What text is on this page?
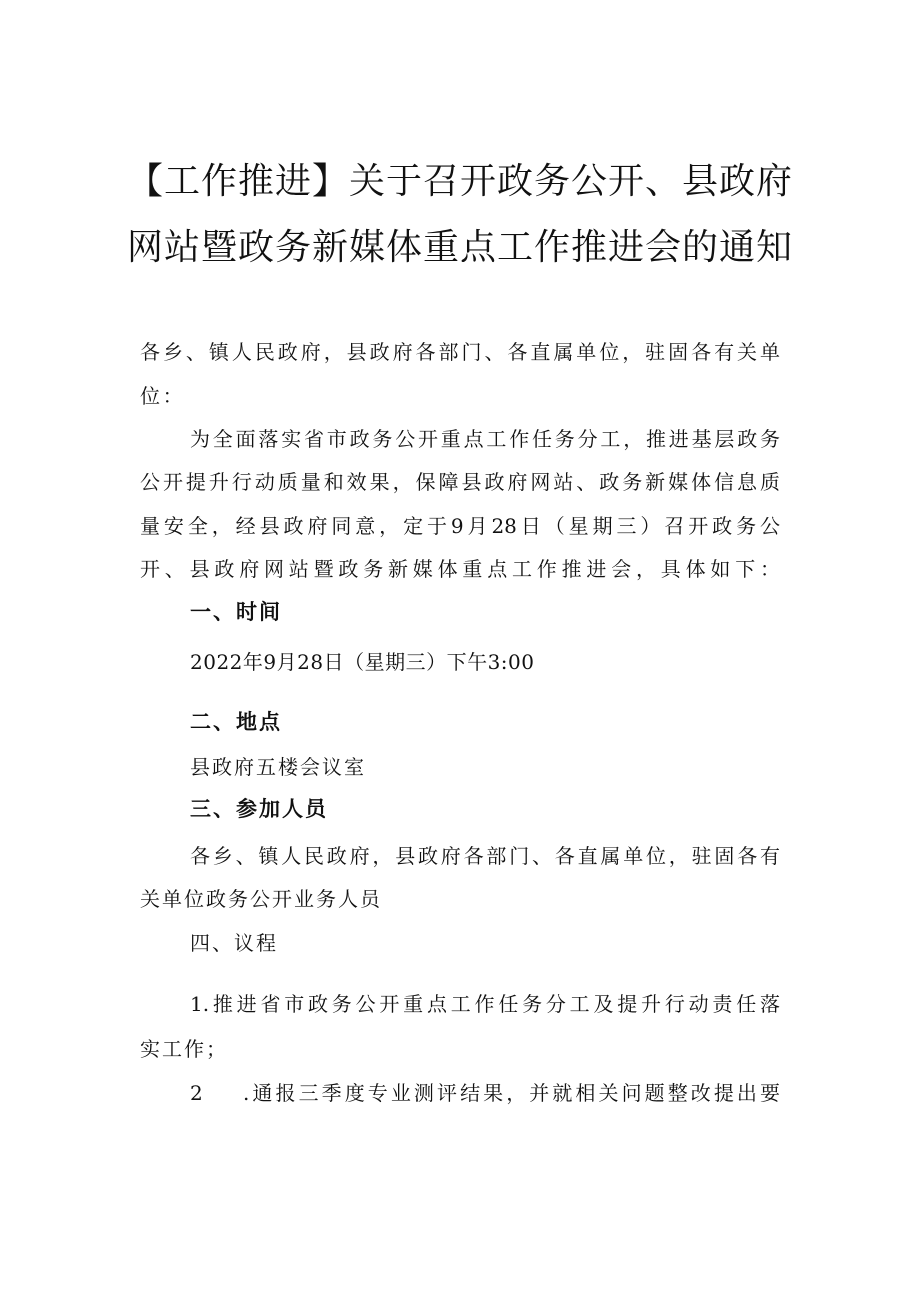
【工作推进】关于召开政务公开、县政府
网站暨政务新媒体重点工作推进会的通知
各乡、镇人民政府，县政府各部门、各直属单位，驻固各有关单
位：
为全面落实省市政务公开重点工作任务分工，推进基层政务
公开提升行动质量和效果，保障县政府网站、政务新媒体信息质
量安全，经县政府同意，定于9月28日（星期三）召开政务公
开、县政府网站暨政务新媒体重点工作推进会，具体如下：
一、时间
2022年9月28日（星期三）下午3:00
二、地点
县政府五楼会议室
三、参加人员
各乡、镇人民政府，县政府各部门、各直属单位，驻固各有
关单位政务公开业务人员
四、议程
1.推进省市政务公开重点工作任务分工及提升行动责任落
实工作；
2 .通报三季度专业测评结果，并就相关问题整改提出要
